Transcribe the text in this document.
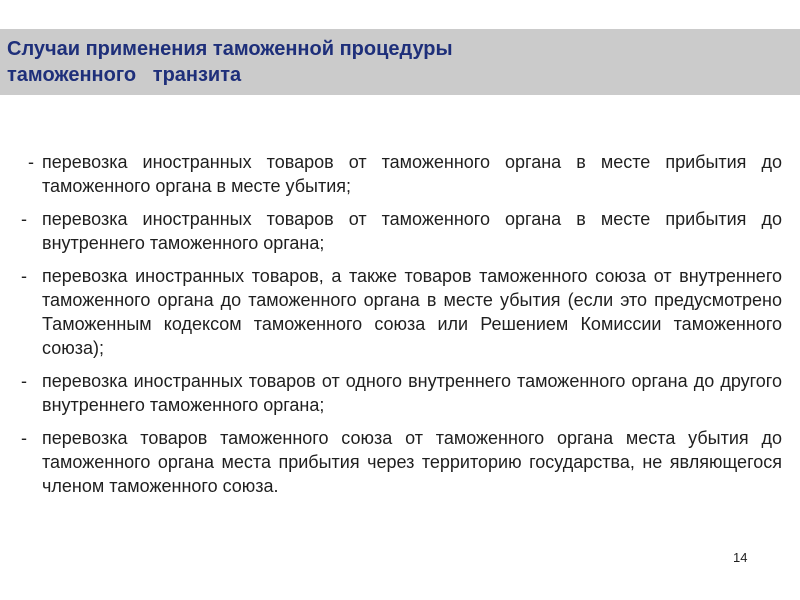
Случаи применения таможенной процедуры
таможенного   транзита
- перевозка иностранных товаров от таможенного органа в месте прибытия до таможенного органа в месте убытия;
- перевозка иностранных товаров от таможенного органа в месте прибытия до внутреннего таможенного органа;
- перевозка иностранных товаров, а также товаров таможенного союза от внутреннего таможенного органа до таможенного органа в месте убытия (если это предусмотрено Таможенным кодексом таможенного союза или Решением Комиссии таможенного союза);
- перевозка иностранных товаров от одного внутреннего таможенного органа до другого внутреннего таможенного органа;
- перевозка товаров таможенного союза от таможенного органа места убытия до таможенного органа места прибытия через территорию государства, не являющегося членом таможенного союза.
14
